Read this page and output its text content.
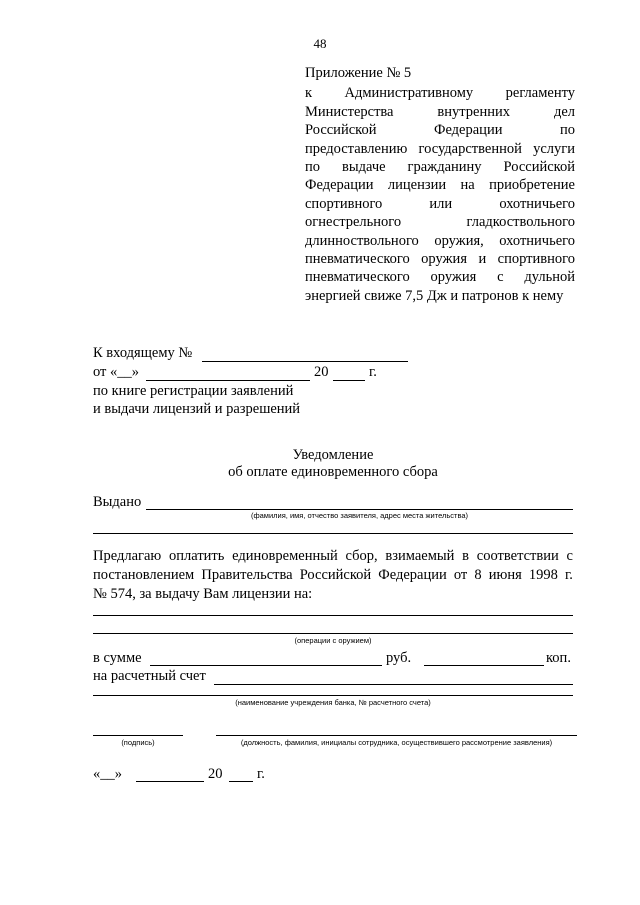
48
Приложение № 5
к Административному регламенту
Министерства	внутренних	дел
Российской	Федерации	по
предоставлению государственной услуги
по выдаче гражданину Российской
Федерации лицензии на приобретение
спортивного	или	охотничьего
огнестрельного	гладкоствольного
длинноствольного оружия, охотничьего
пневматического оружия и спортивного
пневматического оружия с дульной
энергией свиже 7,5 Дж и патронов к нему
К входящему №
от «__»	20	г.
по книге регистрации заявлений
и выдачи лицензий и разрешений
Уведомление
об оплате единовременного сбора
Выдано
(фамилия, имя, отчество заявителя, адрес места жительства)
Предлагаю оплатить единовременный сбор, взимаемый в соответствии с
постановлением Правительства Российской Федерации от 8 июня 1998 г.
№ 574, за выдачу Вам лицензии на:
(операции с оружием)
в сумме	руб.	коп.
на расчетный счет
(наименование учреждения банка, № расчетного счета)
(подпись)	(должность, фамилия, инициалы сотрудника, осуществившего рассмотрение заявления)
«__»	20 г.
